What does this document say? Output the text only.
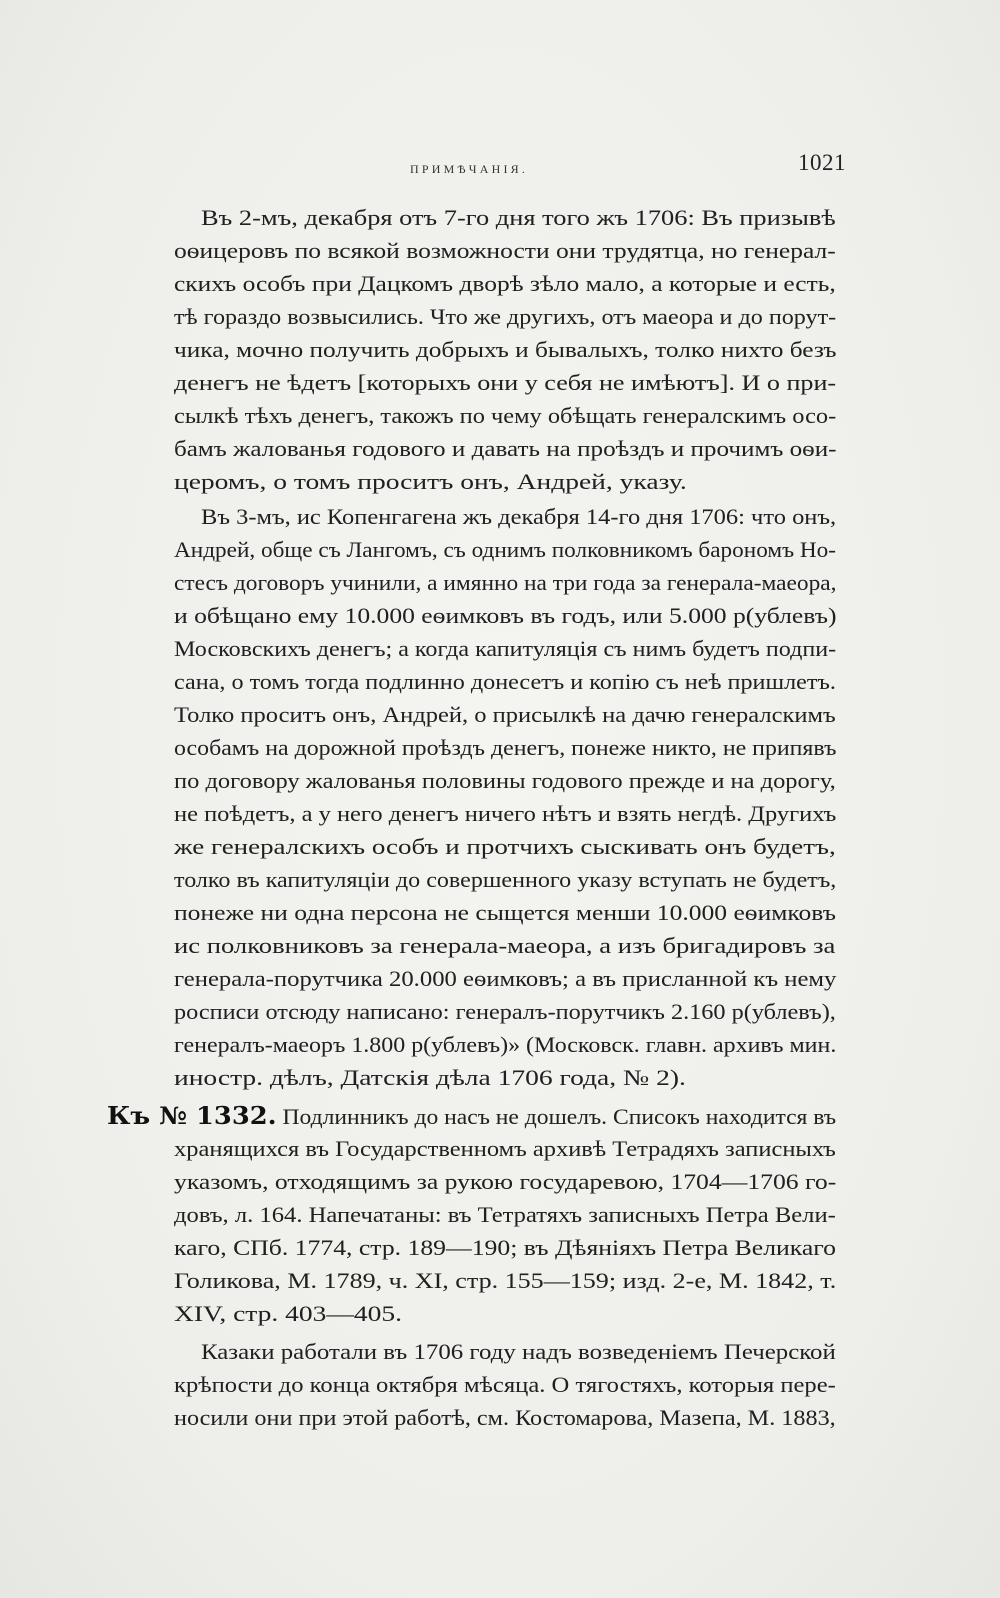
ПРИМѢЧАНІЯ.	1021
Въ 2-мъ, декабря отъ 7-го дня того жъ 1706: Въ призывѣ
оѳицеровъ по всякой возможности они трудятца, но генерал-
скихъ особъ при Дацкомъ дворѣ зѣло мало, а которые и есть,
тѣ гораздо возвысились. Что же другихъ, отъ маеора и до порут-
чика, мочно получить добрыхъ и бывалыхъ, толко нихто безъ
денегъ не ѣдетъ [которыхъ они у себя не имѣютъ]. И о при-
сылкѣ тѣхъ денегъ, такожъ по чему обѣщать генералскимъ осо-
бамъ жалованья годового и давать на проѣздъ и прочимъ оѳи-
церомъ, о томъ проситъ онъ, Андрей, указу.
Въ 3-мъ, ис Копенгагена жъ декабря 14-го дня 1706: что онъ,
Андрей, обще съ Лангомъ, съ однимъ полковникомъ барономъ Но-
стесъ договоръ учинили, а имянно на три года за генерала-маеора,
и обѣщано ему 10.000 еѳимковъ въ годъ, или 5.000 р(ублевъ)
Московскихъ денегъ; а когда капитуляція съ нимъ будетъ подпи-
сана, о томъ тогда подлинно донесетъ и копію съ неѣ пришлетъ.
Толко проситъ онъ, Андрей, о присылкѣ на дачю генералскимъ
особамъ на дорожной проѣздъ денегъ, понеже никто, не припявъ
по договору жалованья половины годового прежде и на дорогу,
не поѣдетъ, а у него денегъ ничего нѣтъ и взять негдѣ. Другихъ
же генералскихъ особъ и протчихъ сыскивать онъ будетъ,
толко въ капитуляціи до совершенного указу вступать не будетъ,
понеже ни одна персона не сыщется менши 10.000 еѳимковъ
ис полковниковъ за генерала-маеора, а изъ бригадировъ за
генерала-порутчика 20.000 еѳимковъ; а въ присланной къ нему
росписи отсюду написано: генералъ-порутчикъ 2.160 р(ублевъ),
генералъ-маеоръ 1.800 р(ублевъ)» (Московск. главн. архивъ мин.
иностр. дѣлъ, Датскія дѣла 1706 года, № 2).
Къ № 1332. Подлинникъ до насъ не дошелъ. Списокъ находится въ
хранящихся въ Государственномъ архивѣ Тетрадяхъ записныхъ
указомъ, отходящимъ за рукою государевою, 1704—1706 го-
довъ, л. 164. Напечатаны: въ Тетратяхъ записныхъ Петра Вели-
каго, СПб. 1774, стр. 189—190; въ Дѣяніяхъ Петра Великаго
Голикова, М. 1789, ч. XI, стр. 155—159; изд. 2-е, М. 1842, т.
XIV, стр. 403—405.
Казаки работали въ 1706 году надъ возведеніемъ Печерской
крѣпости до конца октября мѣсяца. О тягостяхъ, которыя пере-
носили они при этой работѣ, см. Костомарова, Мазепа, М. 1883,
